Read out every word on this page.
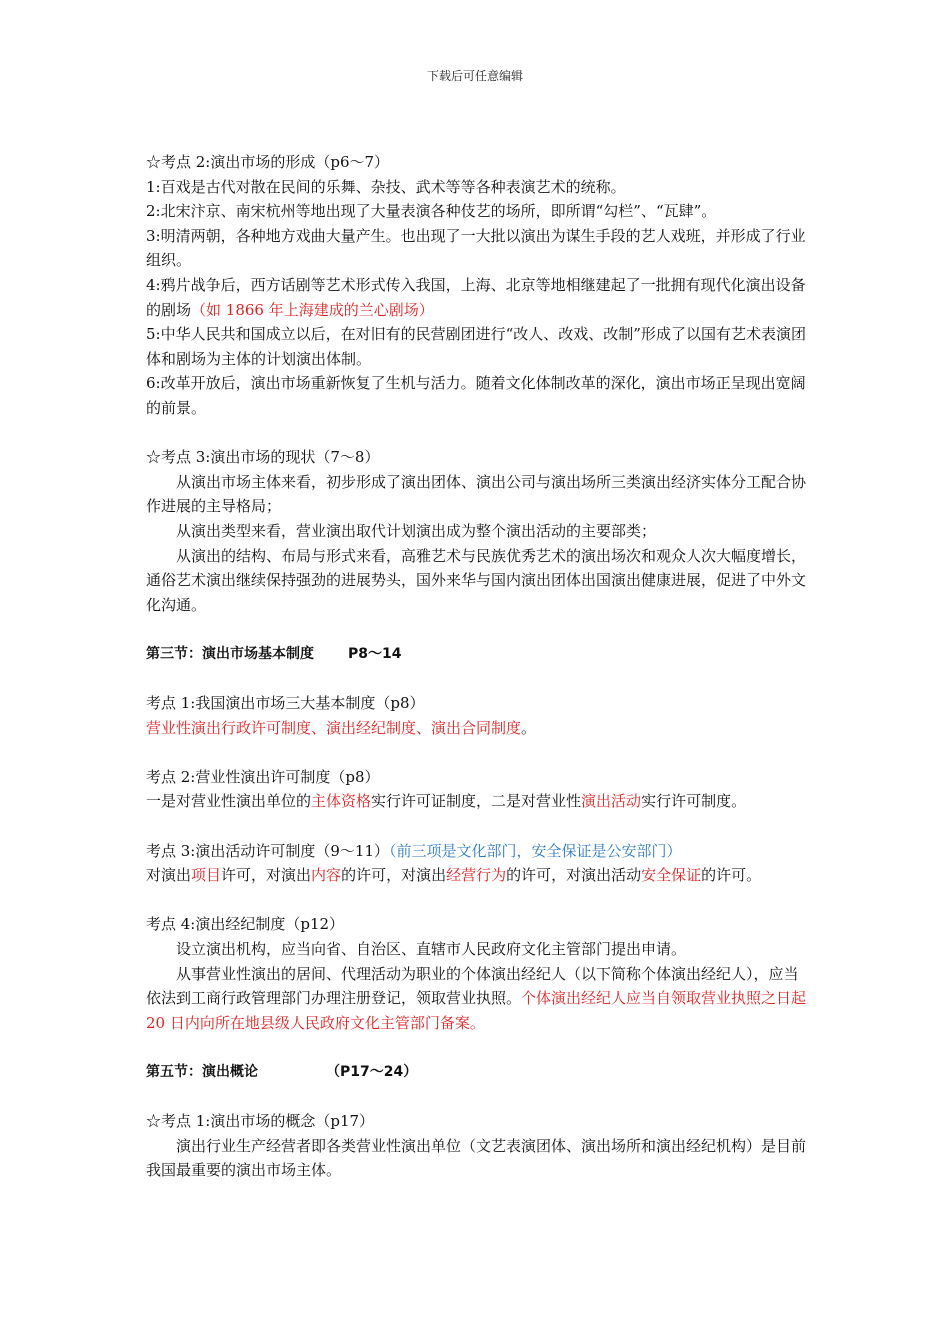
下载后可任意编辑

☆考点 2:演出市场的形成（p6～7）

1:百戏是古代对散在民间的乐舞、杂技、武术等等各种表演艺术的统称。

2:北宋汴京、南宋杭州等地出现了大量表演各种伎艺的场所，即所谓“勾栏”、“瓦肆”。

3:明清两朝，各种地方戏曲大量产生。也出现了一大批以演出为谋生手段的艺人戏班，并形成了行业组织。

4:鸦片战争后，西方话剧等艺术形式传入我国，上海、北京等地相继建起了一批拥有现代化演出设备的剧场（如 1866 年上海建成的兰心剧场）

5:中华人民共和国成立以后，在对旧有的民营剧团进行“改人、改戏、改制”形成了以国有艺术表演团体和剧场为主体的计划演出体制。

6:改革开放后，演出市场重新恢复了生机与活力。随着文化体制改革的深化，演出市场正呈现出宽阔的前景。

☆考点 3:演出市场的现状（7～8）

从演出市场主体来看，初步形成了演出团体、演出公司与演出场所三类演出经济实体分工配合协作进展的主导格局；

从演出类型来看，营业演出取代计划演出成为整个演出活动的主要部类；

从演出的结构、布局与形式来看，高雅艺术与民族优秀艺术的演出场次和观众人次大幅度增长，通俗艺术演出继续保持强劲的进展势头，国外来华与国内演出团体出国演出健康进展，促进了中外文化沟通。

第三节：演出市场基本制度 P8～14

考点 1:我国演出市场三大基本制度（p8）

营业性演出行政许可制度、演出经纪制度、演出合同制度。

考点 2:营业性演出许可制度（p8）

一是对营业性演出单位的主体资格实行许可证制度，二是对营业性演出活动实行许可制度。

考点 3:演出活动许可制度（9～11）（前三项是文化部门，安全保证是公安部门）

对演出项目许可，对演出内容的许可，对演出经营行为的许可，对演出活动安全保证的许可。

考点 4:演出经纪制度（p12）

设立演出机构，应当向省、自治区、直辖市人民政府文化主管部门提出申请。

从事营业性演出的居间、代理活动为职业的个体演出经纪人（以下简称个体演出经纪人），应当依法到工商行政管理部门办理注册登记，领取营业执照。个体演出经纪人应当自领取营业执照之日起 20 日内向所在地县级人民政府文化主管部门备案。

第五节：演出概论	（P17～24）

☆考点 1:演出市场的概念（p17）

演出行业生产经营者即各类营业性演出单位（文艺表演团体、演出场所和演出经纪机构）是目前我国最重要的演出市场主体。
